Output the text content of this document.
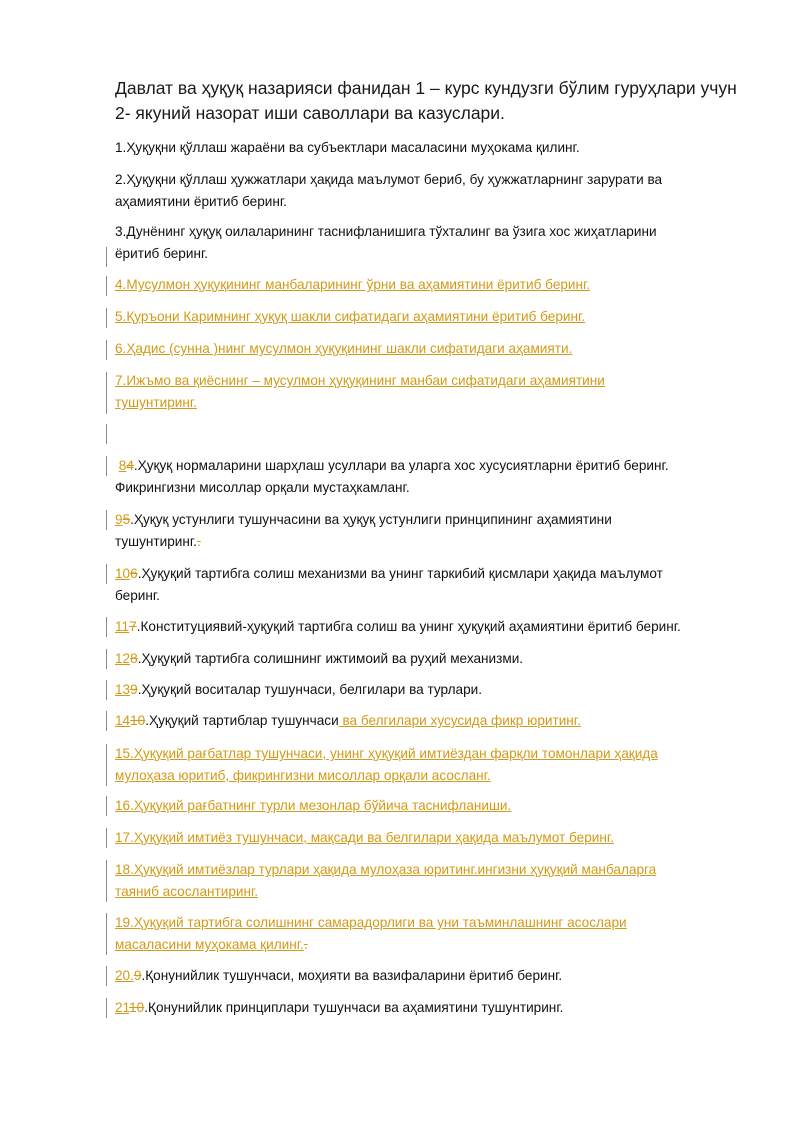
Давлат ва ҳуқуқ назарияси фанидан 1 – курс кундузги бўлим гуруҳлари учун
2- якуний назорат иши саволлари ва казуслари.
1.Ҳуқуқни қўллаш жараёни ва субъектлари масаласини муҳокама қилинг.
2.Ҳуқуқни қўллаш ҳужжатлари ҳақида маълумот бериб, бу ҳужжатларнинг зарурати ва
аҳамиятини ёритиб беринг.
3.Дунёнинг ҳуқуқ оилаларининг таснифланишига тўхталинг ва ўзига хос жиҳатларини
ёритиб беринг.
4.Мусулмон ҳуқуқининг манбаларининг ўрни ва аҳамиятини ёритиб беринг.
5.Қуръони Каримнинг ҳуқуқ шакли сифатидаги аҳамиятини ёритиб беринг.
6.Ҳадис (сунна )нинг мусулмон ҳуқуқининг шакли сифатидаги аҳамияти.
7.Ижъмо ва қиёснинг – мусулмон ҳуқуқининг манбаи сифатидаги аҳамиятини
тушунтиринг.
84.Ҳуқуқ нормаларини шарҳлаш усуллари ва уларга хос хусусиятларни ёритиб беринг.
Фикрингизни мисоллар орқали мустаҳкамланг.
95.Ҳуқуқ устунлиги тушунчасини ва ҳуқуқ устунлиги принципининг аҳамиятини
тушунтиринг..
106.Ҳуқуқий тартибга солиш механизми ва унинг таркибий қисмлари ҳақида маълумот
беринг.
117.Конституциявий-ҳуқуқий тартибга солиш ва унинг ҳуқуқий аҳамиятини ёритиб беринг.
128.Ҳуқуқий тартибга солишнинг ижтимоий ва руҳий механизми.
139.Ҳуқуқий воситалар тушунчаси, белгилари ва турлари.
1410.Ҳуқуқий тартиблар тушунчаси ва белгилари хусусида фикр юритинг.
15.Ҳуқуқий рағбатлар тушунчаси, унинг ҳуқуқий имтиёздан фарқли томонлари ҳақида
мулоҳаза юритиб, фикрингизни мисоллар орқали асосланг.
16.Ҳуқуқий рағбатнинг турли мезонлар бўйича таснифланиши.
17.Ҳуқуқий имтиёз тушунчаси, мақсади ва белгилари ҳақида маълумот беринг.
18.Ҳуқуқий имтиёзлар турлари ҳақида мулоҳаза юритинг.ингизни ҳуқуқий манбаларга
таяниб асослантиринг.
19.Ҳуқуқий тартибга солишнинг самарадорлиги ва уни таъминлашнинг асослари
масаласини муҳокама қилинг..
20.9.Қонунийлик тушунчаси, моҳияти ва вазифаларини ёритиб беринг.
2110.Қонунийлик принциплари тушунчаси ва аҳамиятини тушунтиринг.
